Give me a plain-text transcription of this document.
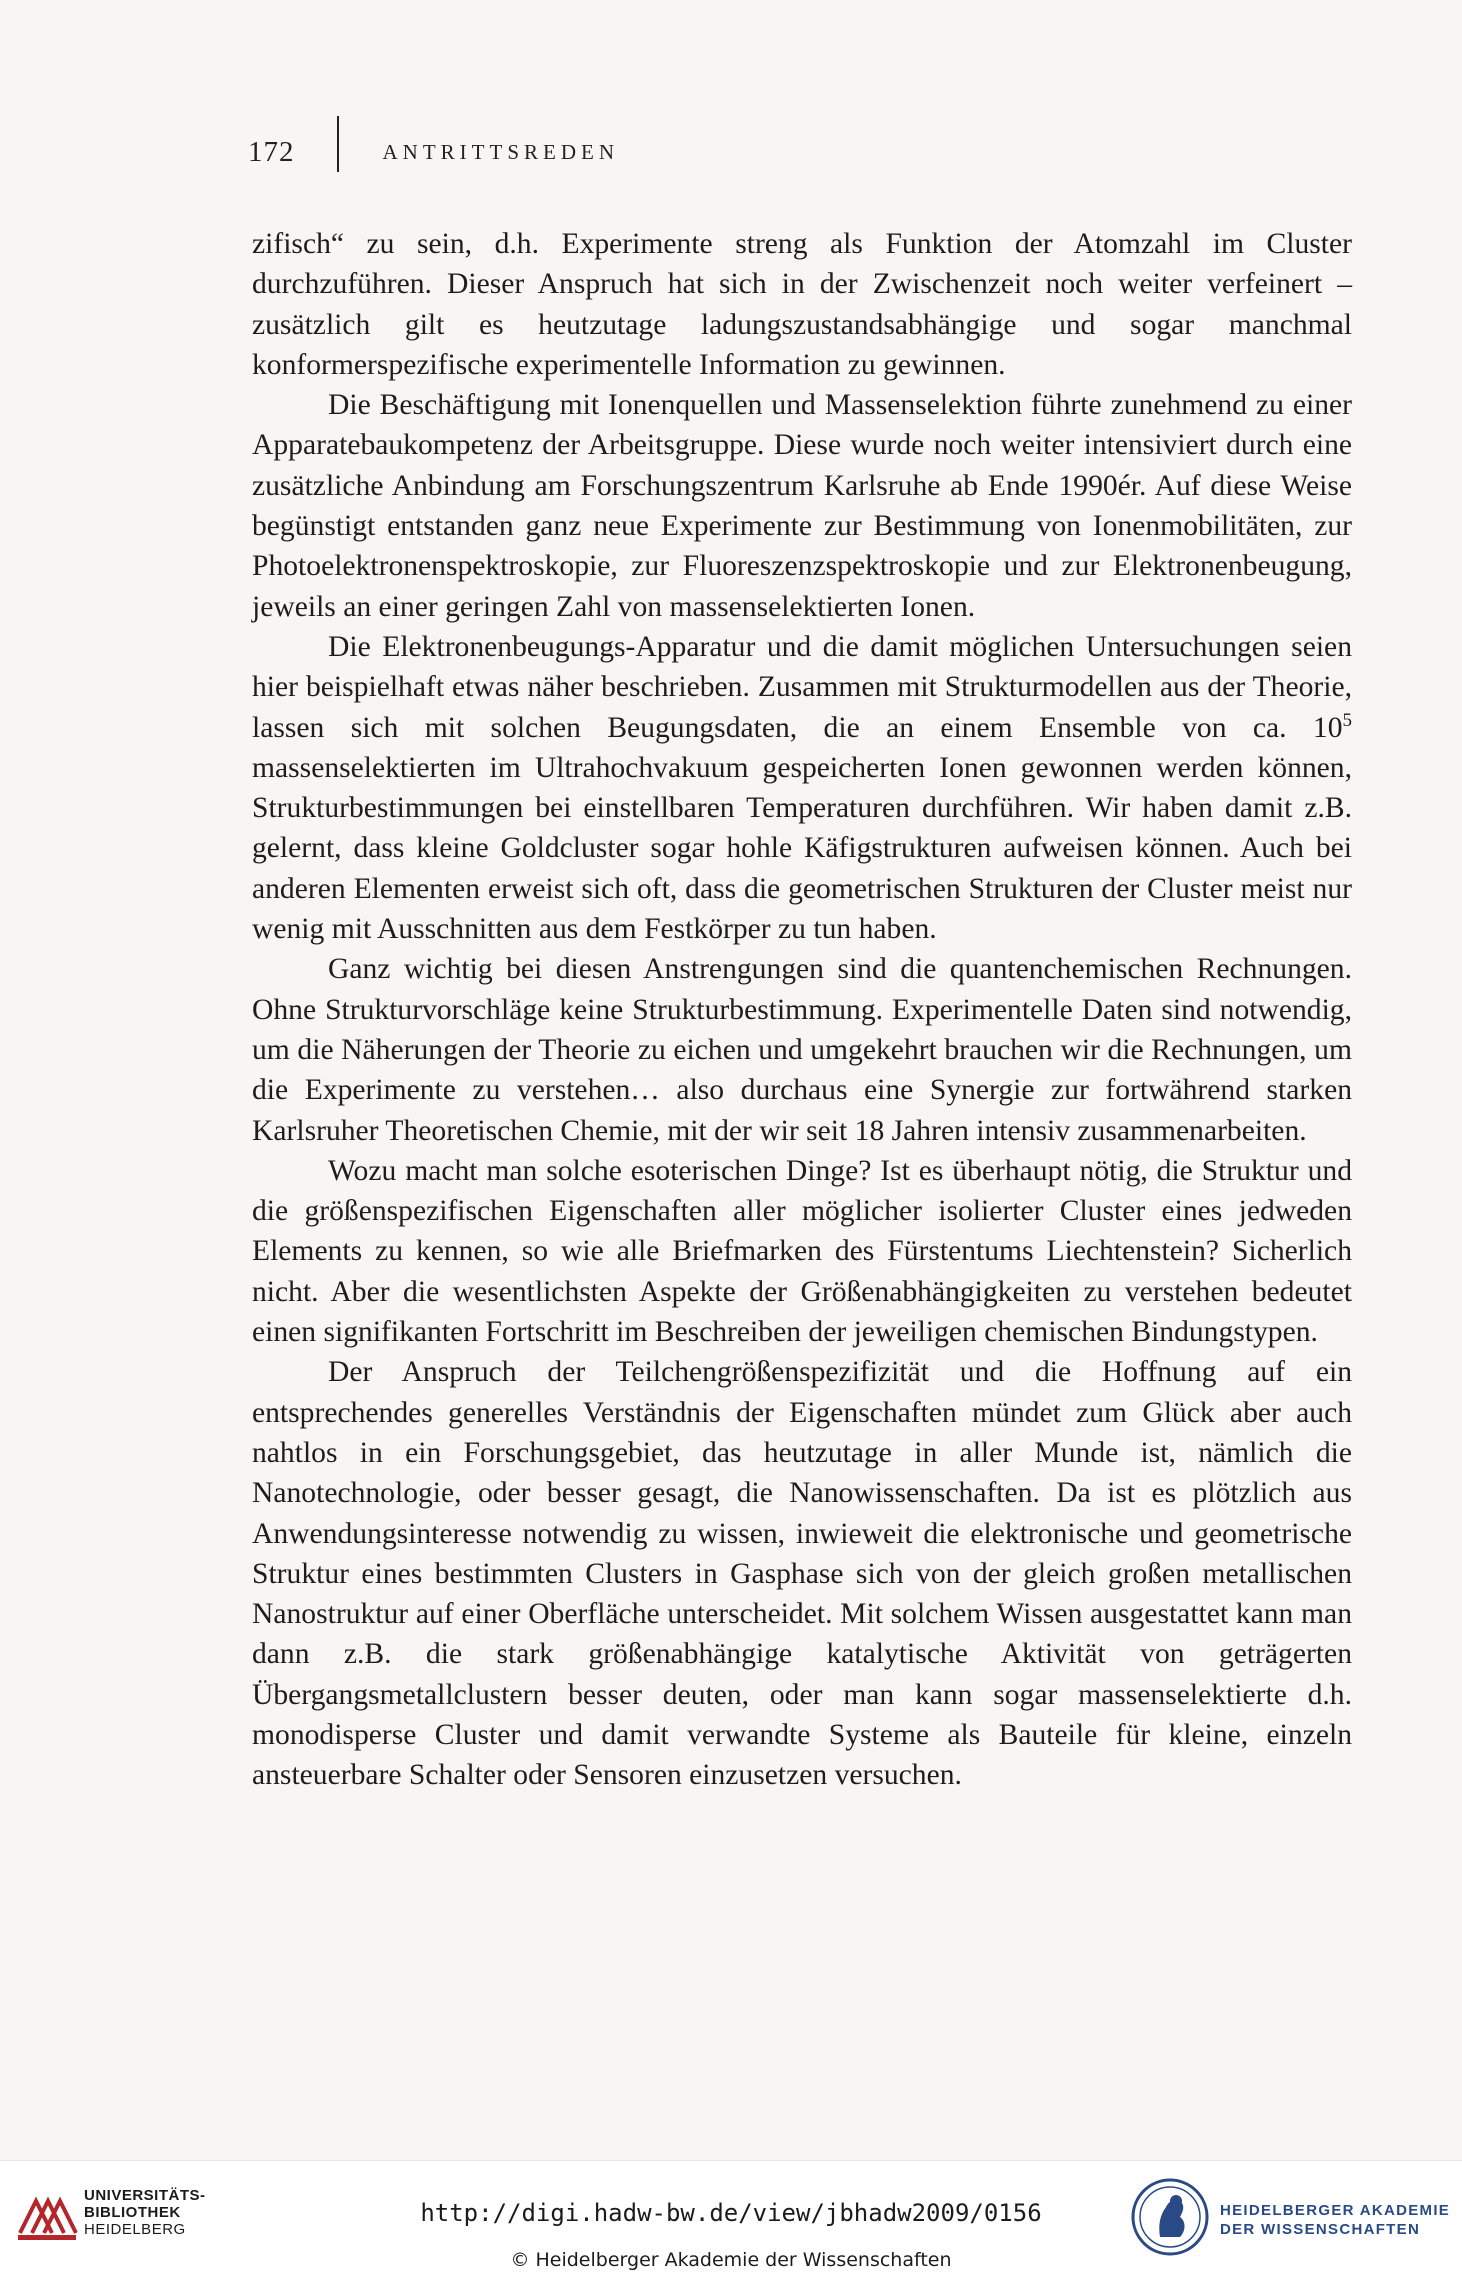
172	ANTRITTSREDEN

zifisch“ zu sein, d.h. Experimente streng als Funktion der Atomzahl im Cluster durchzuführen. Dieser Anspruch hat sich in der Zwischenzeit noch weiter verfeinert – zusätzlich gilt es heutzutage ladungszustandsabhängige und sogar manchmal konformerspezifische experimentelle Information zu gewinnen.

Die Beschäftigung mit Ionenquellen und Massenselektion führte zunehmend zu einer Apparatebaukompetenz der Arbeitsgruppe. Diese wurde noch weiter intensiviert durch eine zusätzliche Anbindung am Forschungszentrum Karlsruhe ab Ende 1990ér. Auf diese Weise begünstigt entstanden ganz neue Experimente zur Bestimmung von Ionenmobilitäten, zur Photoelektronenspektroskopie, zur Fluoreszenzspektroskopie und zur Elektronenbeugung, jeweils an einer geringen Zahl von massenselektierten Ionen.

Die Elektronenbeugungs-Apparatur und die damit möglichen Untersuchungen seien hier beispielhaft etwas näher beschrieben. Zusammen mit Strukturmodellen aus der Theorie, lassen sich mit solchen Beugungsdaten, die an einem Ensemble von ca. $10^5$ massenselektierten im Ultrahochvakuum gespeicherten Ionen gewonnen werden können, Strukturbestimmungen bei einstellbaren Temperaturen durchführen. Wir haben damit z.B. gelernt, dass kleine Goldcluster sogar hohle Käfigstrukturen aufweisen können. Auch bei anderen Elementen erweist sich oft, dass die geometrischen Strukturen der Cluster meist nur wenig mit Ausschnitten aus dem Festkörper zu tun haben.

Ganz wichtig bei diesen Anstrengungen sind die quantenchemischen Rechnungen. Ohne Strukturvorschläge keine Strukturbestimmung. Experimentelle Daten sind notwendig, um die Näherungen der Theorie zu eichen und umgekehrt brauchen wir die Rechnungen, um die Experimente zu verstehen… also durchaus eine Synergie zur fortwährend starken Karlsruher Theoretischen Chemie, mit der wir seit 18 Jahren intensiv zusammenarbeiten.

Wozu macht man solche esoterischen Dinge? Ist es überhaupt nötig, die Struktur und die größenspezifischen Eigenschaften aller möglicher isolierter Cluster eines jedweden Elements zu kennen, so wie alle Briefmarken des Fürstentums Liechtenstein? Sicherlich nicht. Aber die wesentlichsten Aspekte der Größenabhängigkeiten zu verstehen bedeutet einen signifikanten Fortschritt im Beschreiben der jeweiligen chemischen Bindungstypen.

Der Anspruch der Teilchengrößenspezifizität und die Hoffnung auf ein entsprechendes generelles Verständnis der Eigenschaften mündet zum Glück aber auch nahtlos in ein Forschungsgebiet, das heutzutage in aller Munde ist, nämlich die Nanotechnologie, oder besser gesagt, die Nanowissenschaften. Da ist es plötzlich aus Anwendungsinteresse notwendig zu wissen, inwieweit die elektronische und geometrische Struktur eines bestimmten Clusters in Gasphase sich von der gleich großen metallischen Nanostruktur auf einer Oberfläche unterscheidet. Mit solchem Wissen ausgestattet kann man dann z.B. die stark größenabhängige katalytische Aktivität von geträgerten Übergangsmetallclustern besser deuten, oder man kann sogar massenselektierte d.h. monodisperse Cluster und damit verwandte Systeme als Bauteile für kleine, einzeln ansteuerbare Schalter oder Sensoren einzusetzen versuchen.

UNIVERSITÄTS-
BIBLIOTHEK
HEIDELBERG
http://digi.hadw-bw.de/view/jbhadw2009/0156
© Heidelberger Akademie der Wissenschaften
HEIDELBERGER AKADEMIE
DER WISSENSCHAFTEN
